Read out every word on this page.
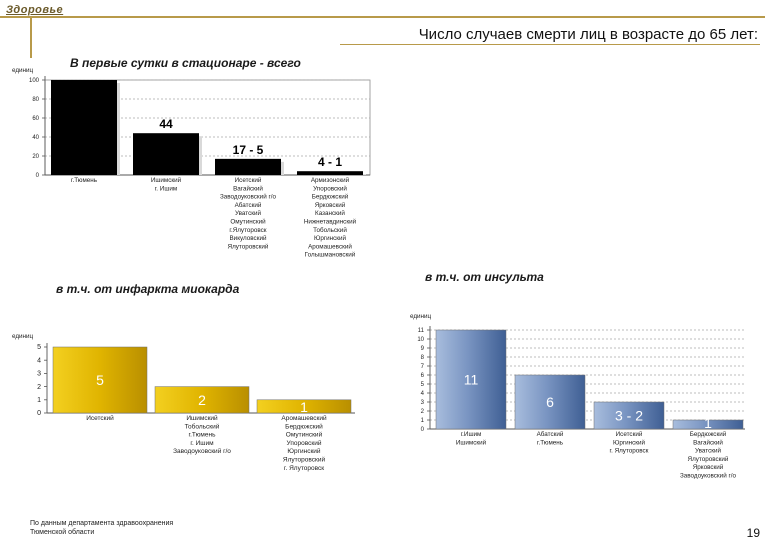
Здоровье
Число случаев смерти лиц в возрасте до 65 лет:
В первые сутки в стационаре - всего
в т.ч. от инфаркта миокарда
в т.ч. от инсульта
0
20
40
60
80
100
единиц
г.Тюмень
44
Ишимский
г. Ишим
17 - 5
Исетский
Вагайский
Заводоуковский г/о
Абатский
Уватский
Омутинский
г.Ялуторовск
Викуловский
Ялуторовский
4 - 1
Армизонский
Упоровский
Бердюжский
Ярковский
Казанский
Нижнетавдинский
Тобольский
Юргинский
Аромашевский
Голышмановский
0
1
2
3
4
5
единиц
5
Исетский
2
Ишимский
Тобольский
г.Тюмень
г. Ишим
Заводоуковский г/о
1
Аромашевский
Бердюжский
Омутинский
Упоровский
Юргинский
Ялуторовский
г. Ялуторовск
0
1
2
3
4
5
6
7
8
9
10
11
единиц
11
г.Ишим
Ишимский
6
Абатский
г.Тюмень
3 - 2
Исетский
Юргинский
г. Ялуторовск
1
Бердюжский
Вагайский
Уватский
Ялуторовский
Ярковский
Заводоуковский г/о
По данным департамента здравоохранения
Тюменской области	19
